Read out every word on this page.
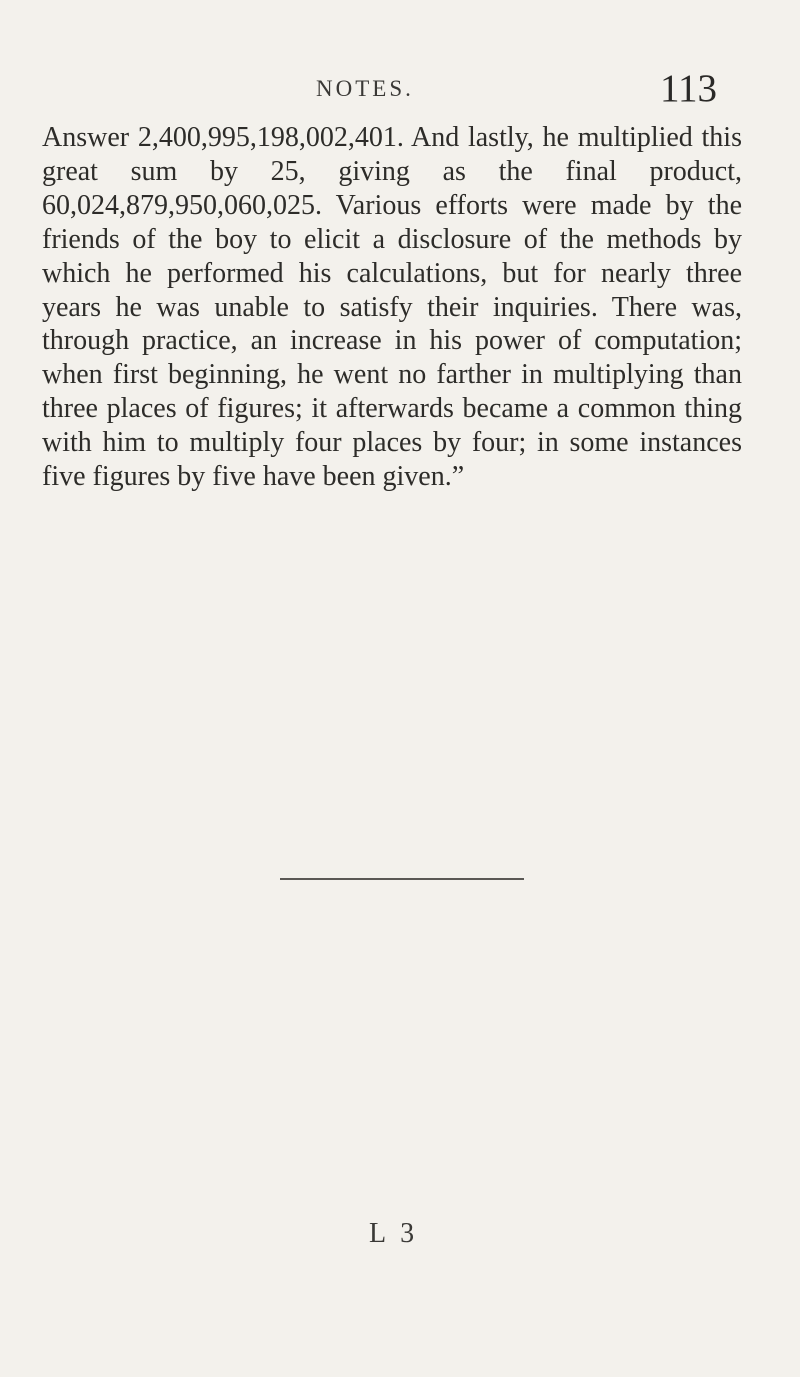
NOTES.	113

Answer 2,400,995,198,002,401. And lastly, he multiplied this great sum by 25, giving as the final product, 60,024,879,950,060,025. Various efforts were made by the friends of the boy to elicit a disclosure of the methods by which he performed his calculations, but for nearly three years he was unable to satisfy their inquiries. There was, through practice, an increase in his power of computation; when first beginning, he went no farther in multiplying than three places of figures; it afterwards became a common thing with him to multiply four places by four; in some instances five figures by five have been given.”

L 3
